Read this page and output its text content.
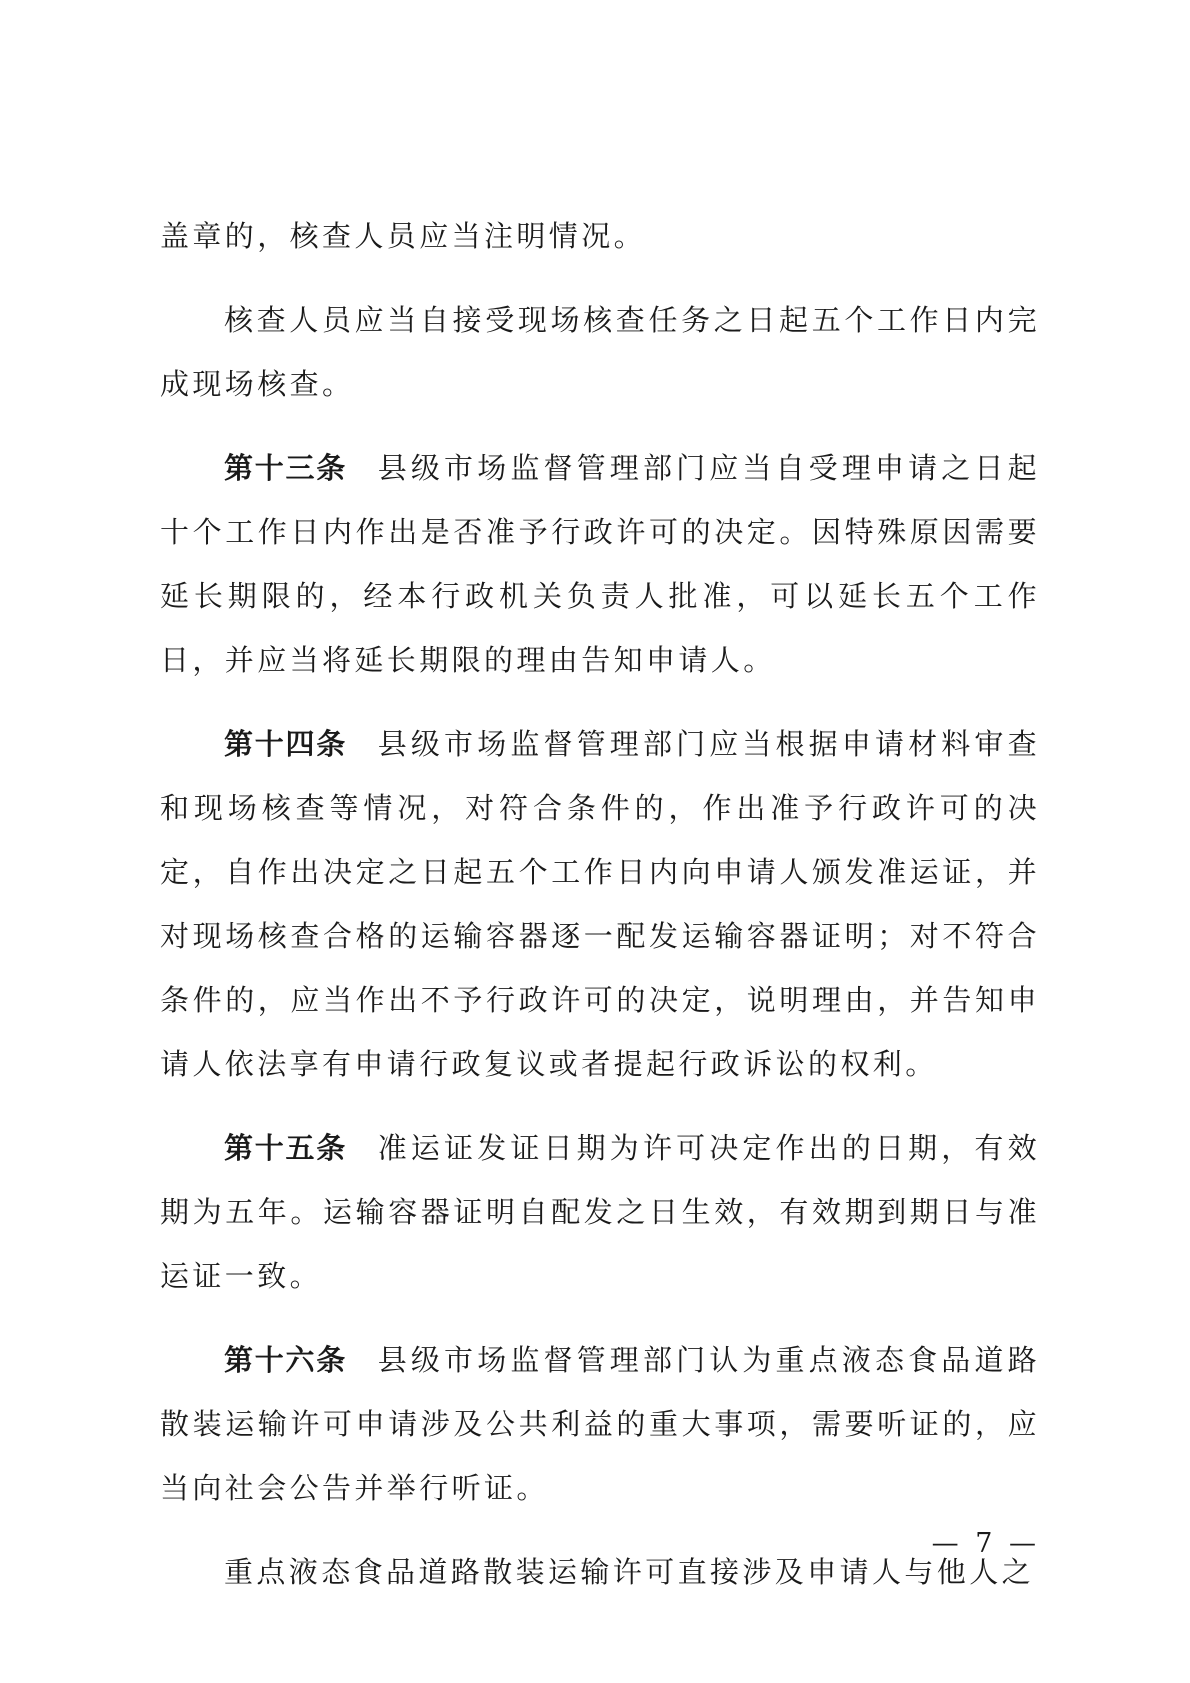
盖章的，核查人员应当注明情况。

核查人员应当自接受现场核查任务之日起五个工作日内完成现场核查。

第十三条 县级市场监督管理部门应当自受理申请之日起十个工作日内作出是否准予行政许可的决定。因特殊原因需要延长期限的，经本行政机关负责人批准，可以延长五个工作日，并应当将延长期限的理由告知申请人。

第十四条 县级市场监督管理部门应当根据申请材料审查和现场核查等情况，对符合条件的，作出准予行政许可的决定，自作出决定之日起五个工作日内向申请人颁发准运证，并对现场核查合格的运输容器逐一配发运输容器证明；对不符合条件的，应当作出不予行政许可的决定，说明理由，并告知申请人依法享有申请行政复议或者提起行政诉讼的权利。

第十五条 准运证发证日期为许可决定作出的日期，有效期为五年。运输容器证明自配发之日生效，有效期到期日与准运证一致。

第十六条 县级市场监督管理部门认为重点液态食品道路散装运输许可申请涉及公共利益的重大事项，需要听证的，应当向社会公告并举行听证。

重点液态食品道路散装运输许可直接涉及申请人与他人之

— 7 —
